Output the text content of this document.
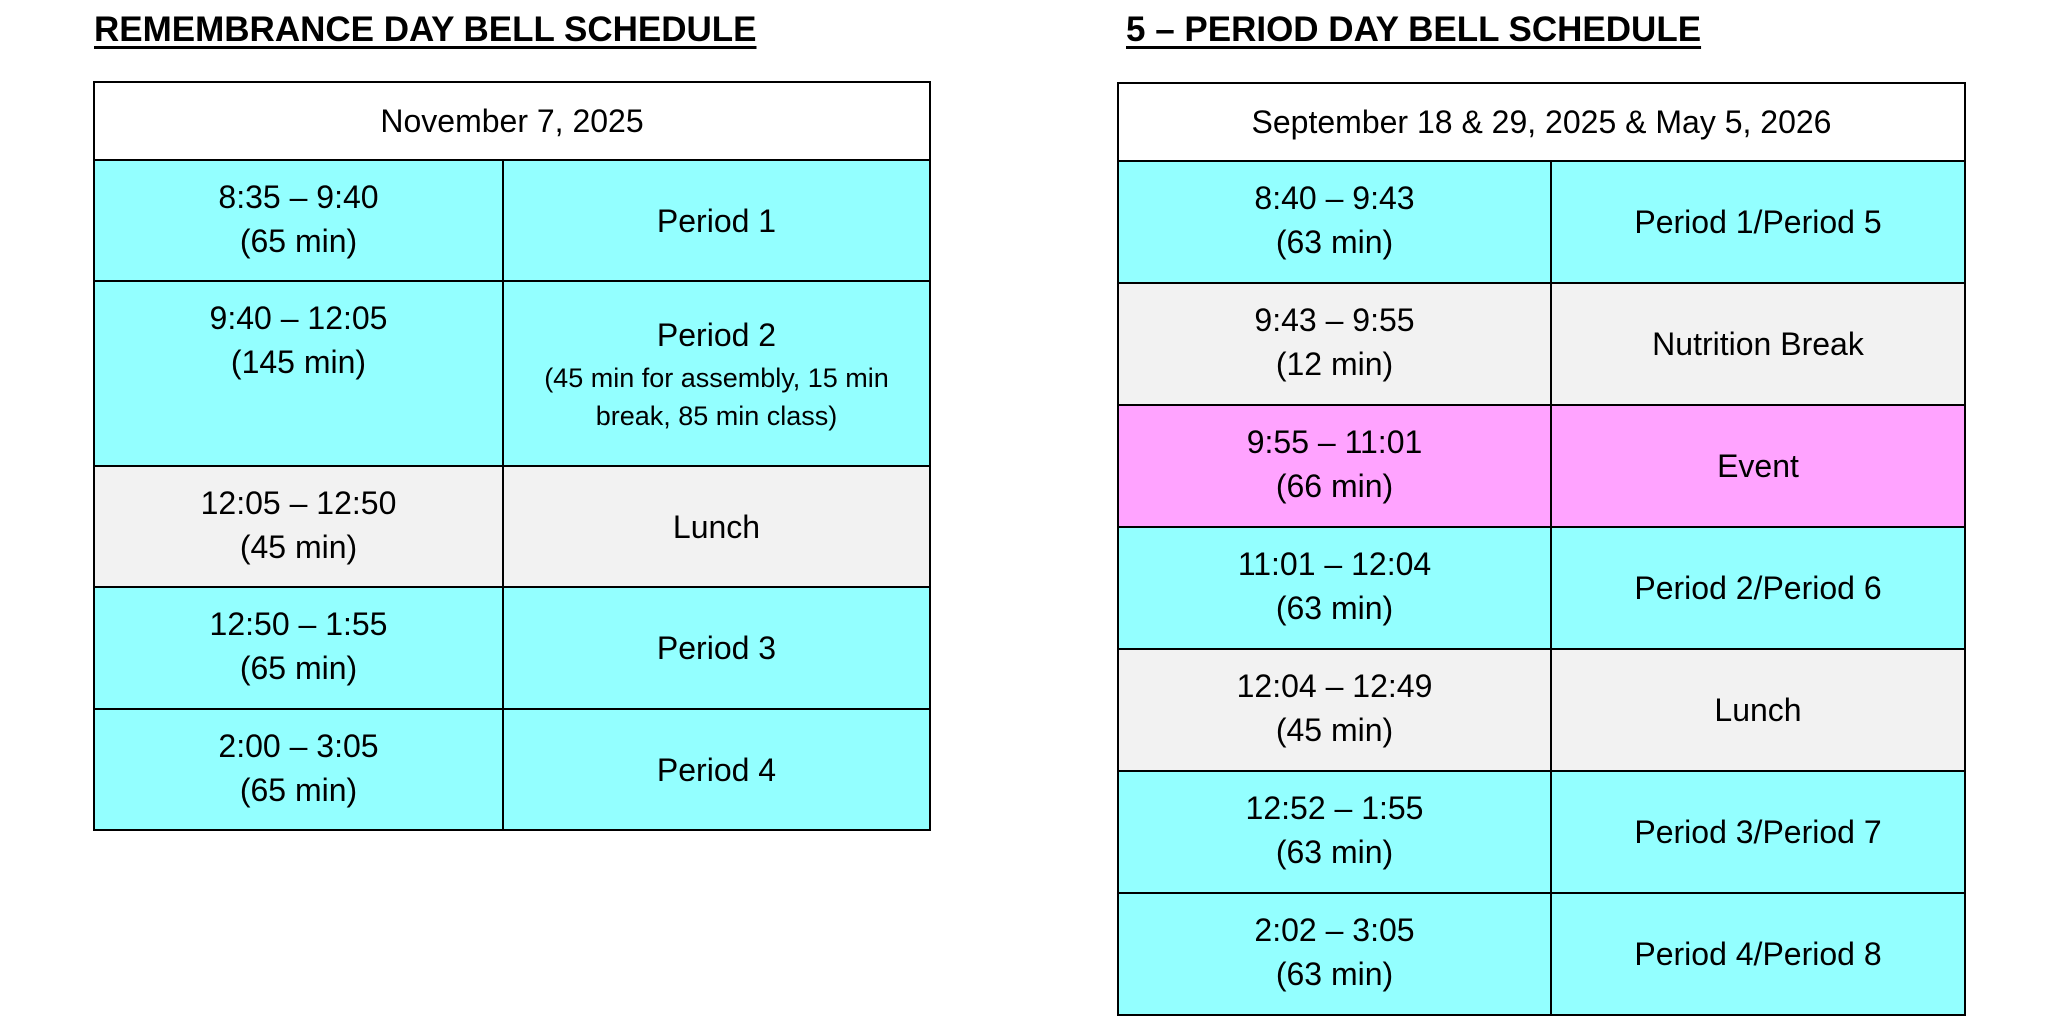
REMEMBRANCE DAY BELL SCHEDULE
November 7, 2025	

8:35 – 9:40
(65 min)	Period 1

9:40 – 12:05
(145 min)	Period 2
(45 min for assembly, 15 min break, 85 min class)

12:05 – 12:50
(45 min)	Lunch

12:50 – 1:55
(65 min)	Period 3

2:00 – 3:05
(65 min)	Period 4
5 – PERIOD DAY BELL SCHEDULE
September 18 & 29, 2025 & May 5, 2026	

8:40 – 9:43
(63 min)	Period 1/Period 5

9:43 – 9:55
(12 min)	Nutrition Break

9:55 – 11:01
(66 min)	Event

11:01 – 12:04
(63 min)	Period 2/Period 6

12:04 – 12:49
(45 min)	Lunch

12:52 – 1:55
(63 min)	Period 3/Period 7

2:02 – 3:05
(63 min)	Period 4/Period 8
